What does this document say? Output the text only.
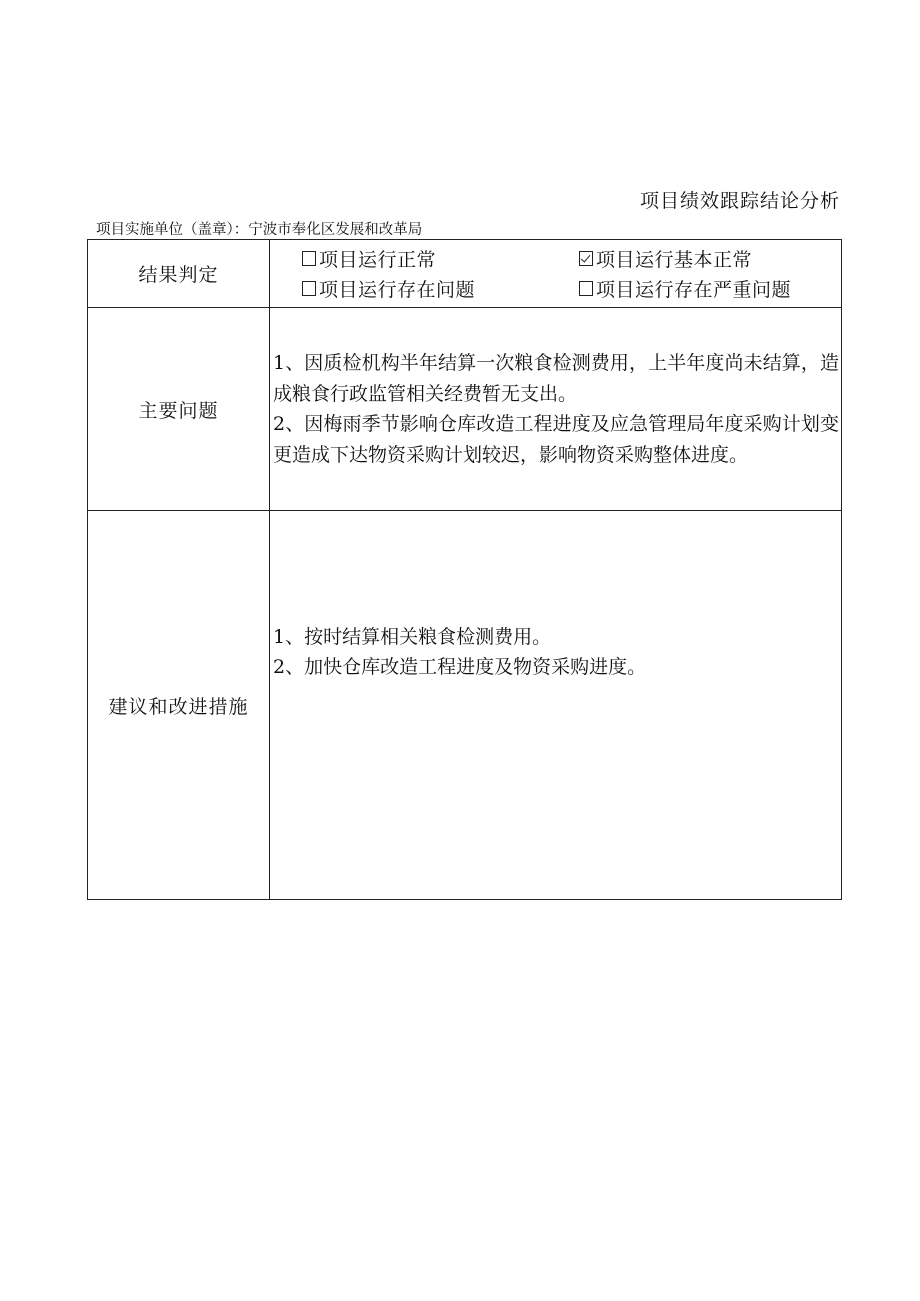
项目绩效跟踪结论分析
项目实施单位（盖章）：宁波市奉化区发展和改革局
结果判定	项目运行正常 项目运行基本正常
项目运行存在问题 项目运行存在严重问题

主要问题	1、因质检机构半年结算一次粮食检测费用，上半年度尚未结算，造成粮食行政监管相关经费暂无支出。

2、因梅雨季节影响仓库改造工程进度及应急管理局年度采购计划变更造成下达物资采购计划较迟，影响物资采购整体进度。

建议和改进措施	1、按时结算相关粮食检测费用。

2、加快仓库改造工程进度及物资采购进度。
